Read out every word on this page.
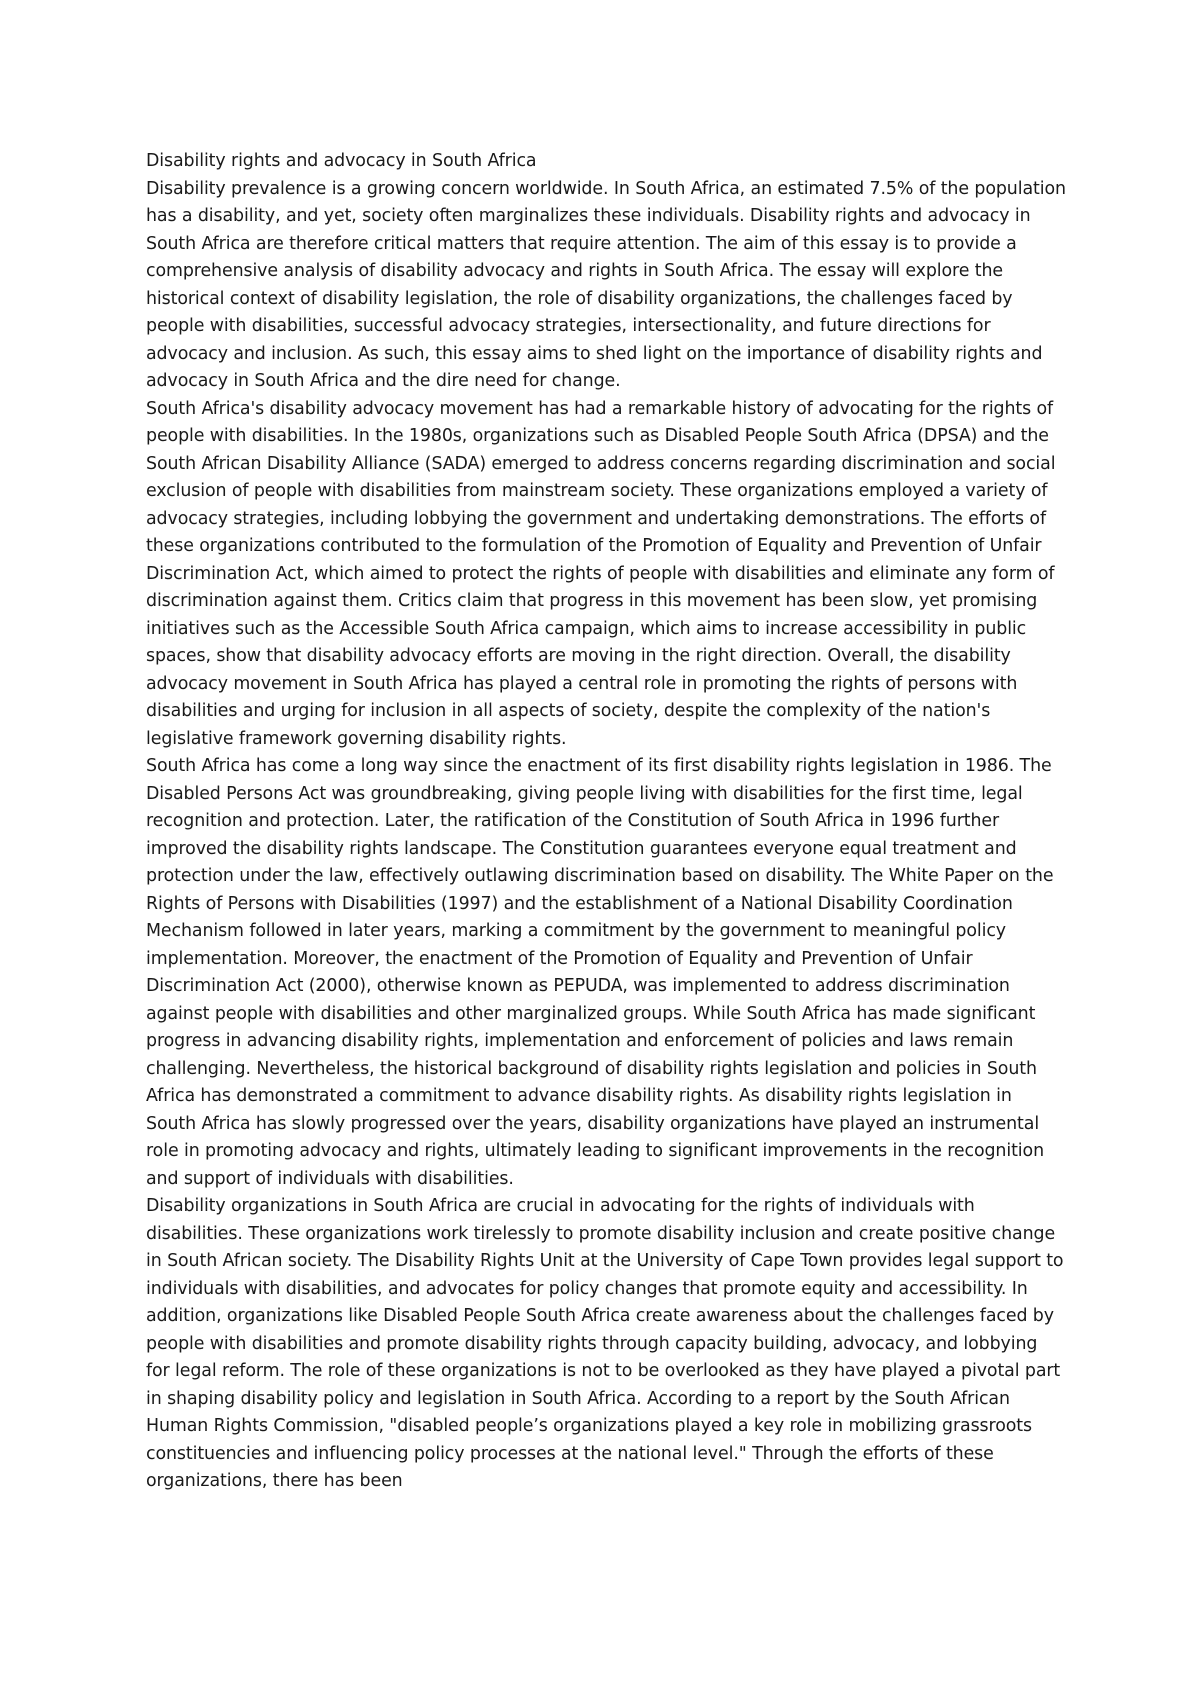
Disability rights and advocacy in South Africa

Disability prevalence is a growing concern worldwide. In South Africa, an estimated 7.5% of the population has a disability, and yet, society often marginalizes these individuals. Disability rights and advocacy in South Africa are therefore critical matters that require attention. The aim of this essay is to provide a comprehensive analysis of disability advocacy and rights in South Africa. The essay will explore the historical context of disability legislation, the role of disability organizations, the challenges faced by people with disabilities, successful advocacy strategies, intersectionality, and future directions for advocacy and inclusion. As such, this essay aims to shed light on the importance of disability rights and advocacy in South Africa and the dire need for change.

South Africa's disability advocacy movement has had a remarkable history of advocating for the rights of people with disabilities. In the 1980s, organizations such as Disabled People South Africa (DPSA) and the South African Disability Alliance (SADA) emerged to address concerns regarding discrimination and social exclusion of people with disabilities from mainstream society. These organizations employed a variety of advocacy strategies, including lobbying the government and undertaking demonstrations. The efforts of these organizations contributed to the formulation of the Promotion of Equality and Prevention of Unfair Discrimination Act, which aimed to protect the rights of people with disabilities and eliminate any form of discrimination against them. Critics claim that progress in this movement has been slow, yet promising initiatives such as the Accessible South Africa campaign, which aims to increase accessibility in public spaces, show that disability advocacy efforts are moving in the right direction. Overall, the disability advocacy movement in South Africa has played a central role in promoting the rights of persons with disabilities and urging for inclusion in all aspects of society, despite the complexity of the nation's legislative framework governing disability rights.

South Africa has come a long way since the enactment of its first disability rights legislation in 1986. The Disabled Persons Act was groundbreaking, giving people living with disabilities for the first time, legal recognition and protection. Later, the ratification of the Constitution of South Africa in 1996 further improved the disability rights landscape. The Constitution guarantees everyone equal treatment and protection under the law, effectively outlawing discrimination based on disability. The White Paper on the Rights of Persons with Disabilities (1997) and the establishment of a National Disability Coordination Mechanism followed in later years, marking a commitment by the government to meaningful policy implementation. Moreover, the enactment of the Promotion of Equality and Prevention of Unfair Discrimination Act (2000), otherwise known as PEPUDA, was implemented to address discrimination against people with disabilities and other marginalized groups. While South Africa has made significant progress in advancing disability rights, implementation and enforcement of policies and laws remain challenging. Nevertheless, the historical background of disability rights legislation and policies in South Africa has demonstrated a commitment to advance disability rights. As disability rights legislation in South Africa has slowly progressed over the years, disability organizations have played an instrumental role in promoting advocacy and rights, ultimately leading to significant improvements in the recognition and support of individuals with disabilities.

Disability organizations in South Africa are crucial in advocating for the rights of individuals with disabilities. These organizations work tirelessly to promote disability inclusion and create positive change in South African society. The Disability Rights Unit at the University of Cape Town provides legal support to individuals with disabilities, and advocates for policy changes that promote equity and accessibility. In addition, organizations like Disabled People South Africa create awareness about the challenges faced by people with disabilities and promote disability rights through capacity building, advocacy, and lobbying for legal reform. The role of these organizations is not to be overlooked as they have played a pivotal part in shaping disability policy and legislation in South Africa. According to a report by the South African Human Rights Commission, "disabled people’s organizations played a key role in mobilizing grassroots constituencies and influencing policy processes at the national level." Through the efforts of these organizations, there has been
